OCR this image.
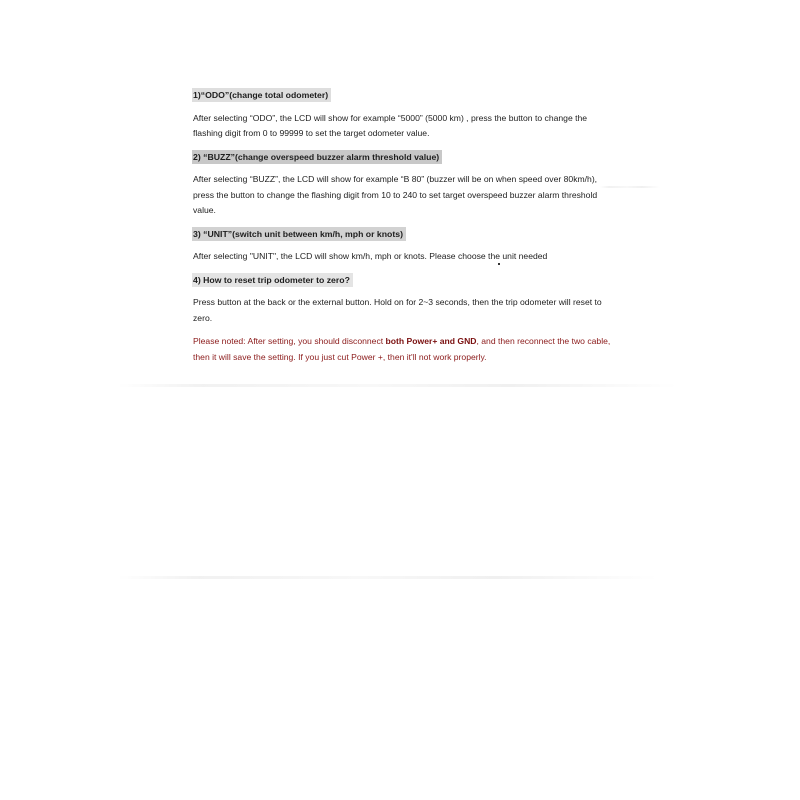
1)“ODO”(change total odometer)

After selecting “ODO”, the LCD will show for example “5000” (5000 km) , press the button to change the flashing digit from 0 to 99999 to set the target odometer value.

2) “BUZZ”(change overspeed buzzer alarm threshold value)

After selecting “BUZZ”, the LCD will show for example “B 80” (buzzer will be on when speed over 80km/h), press the button to change the flashing digit from 10 to 240 to set target overspeed buzzer alarm threshold value.

3) “UNIT”(switch unit between km/h, mph or knots)

After selecting "UNIT", the LCD will show km/h, mph or knots. Please choose the unit needed

4) How to reset trip odometer to zero?

Press button at the back or the external button. Hold on for 2~3 seconds, then the trip odometer will reset to zero.

Please noted: After setting, you should disconnect both Power+ and GND, and then reconnect the two cable, then it will save the setting. If you just cut Power +, then it'll not work properly.
